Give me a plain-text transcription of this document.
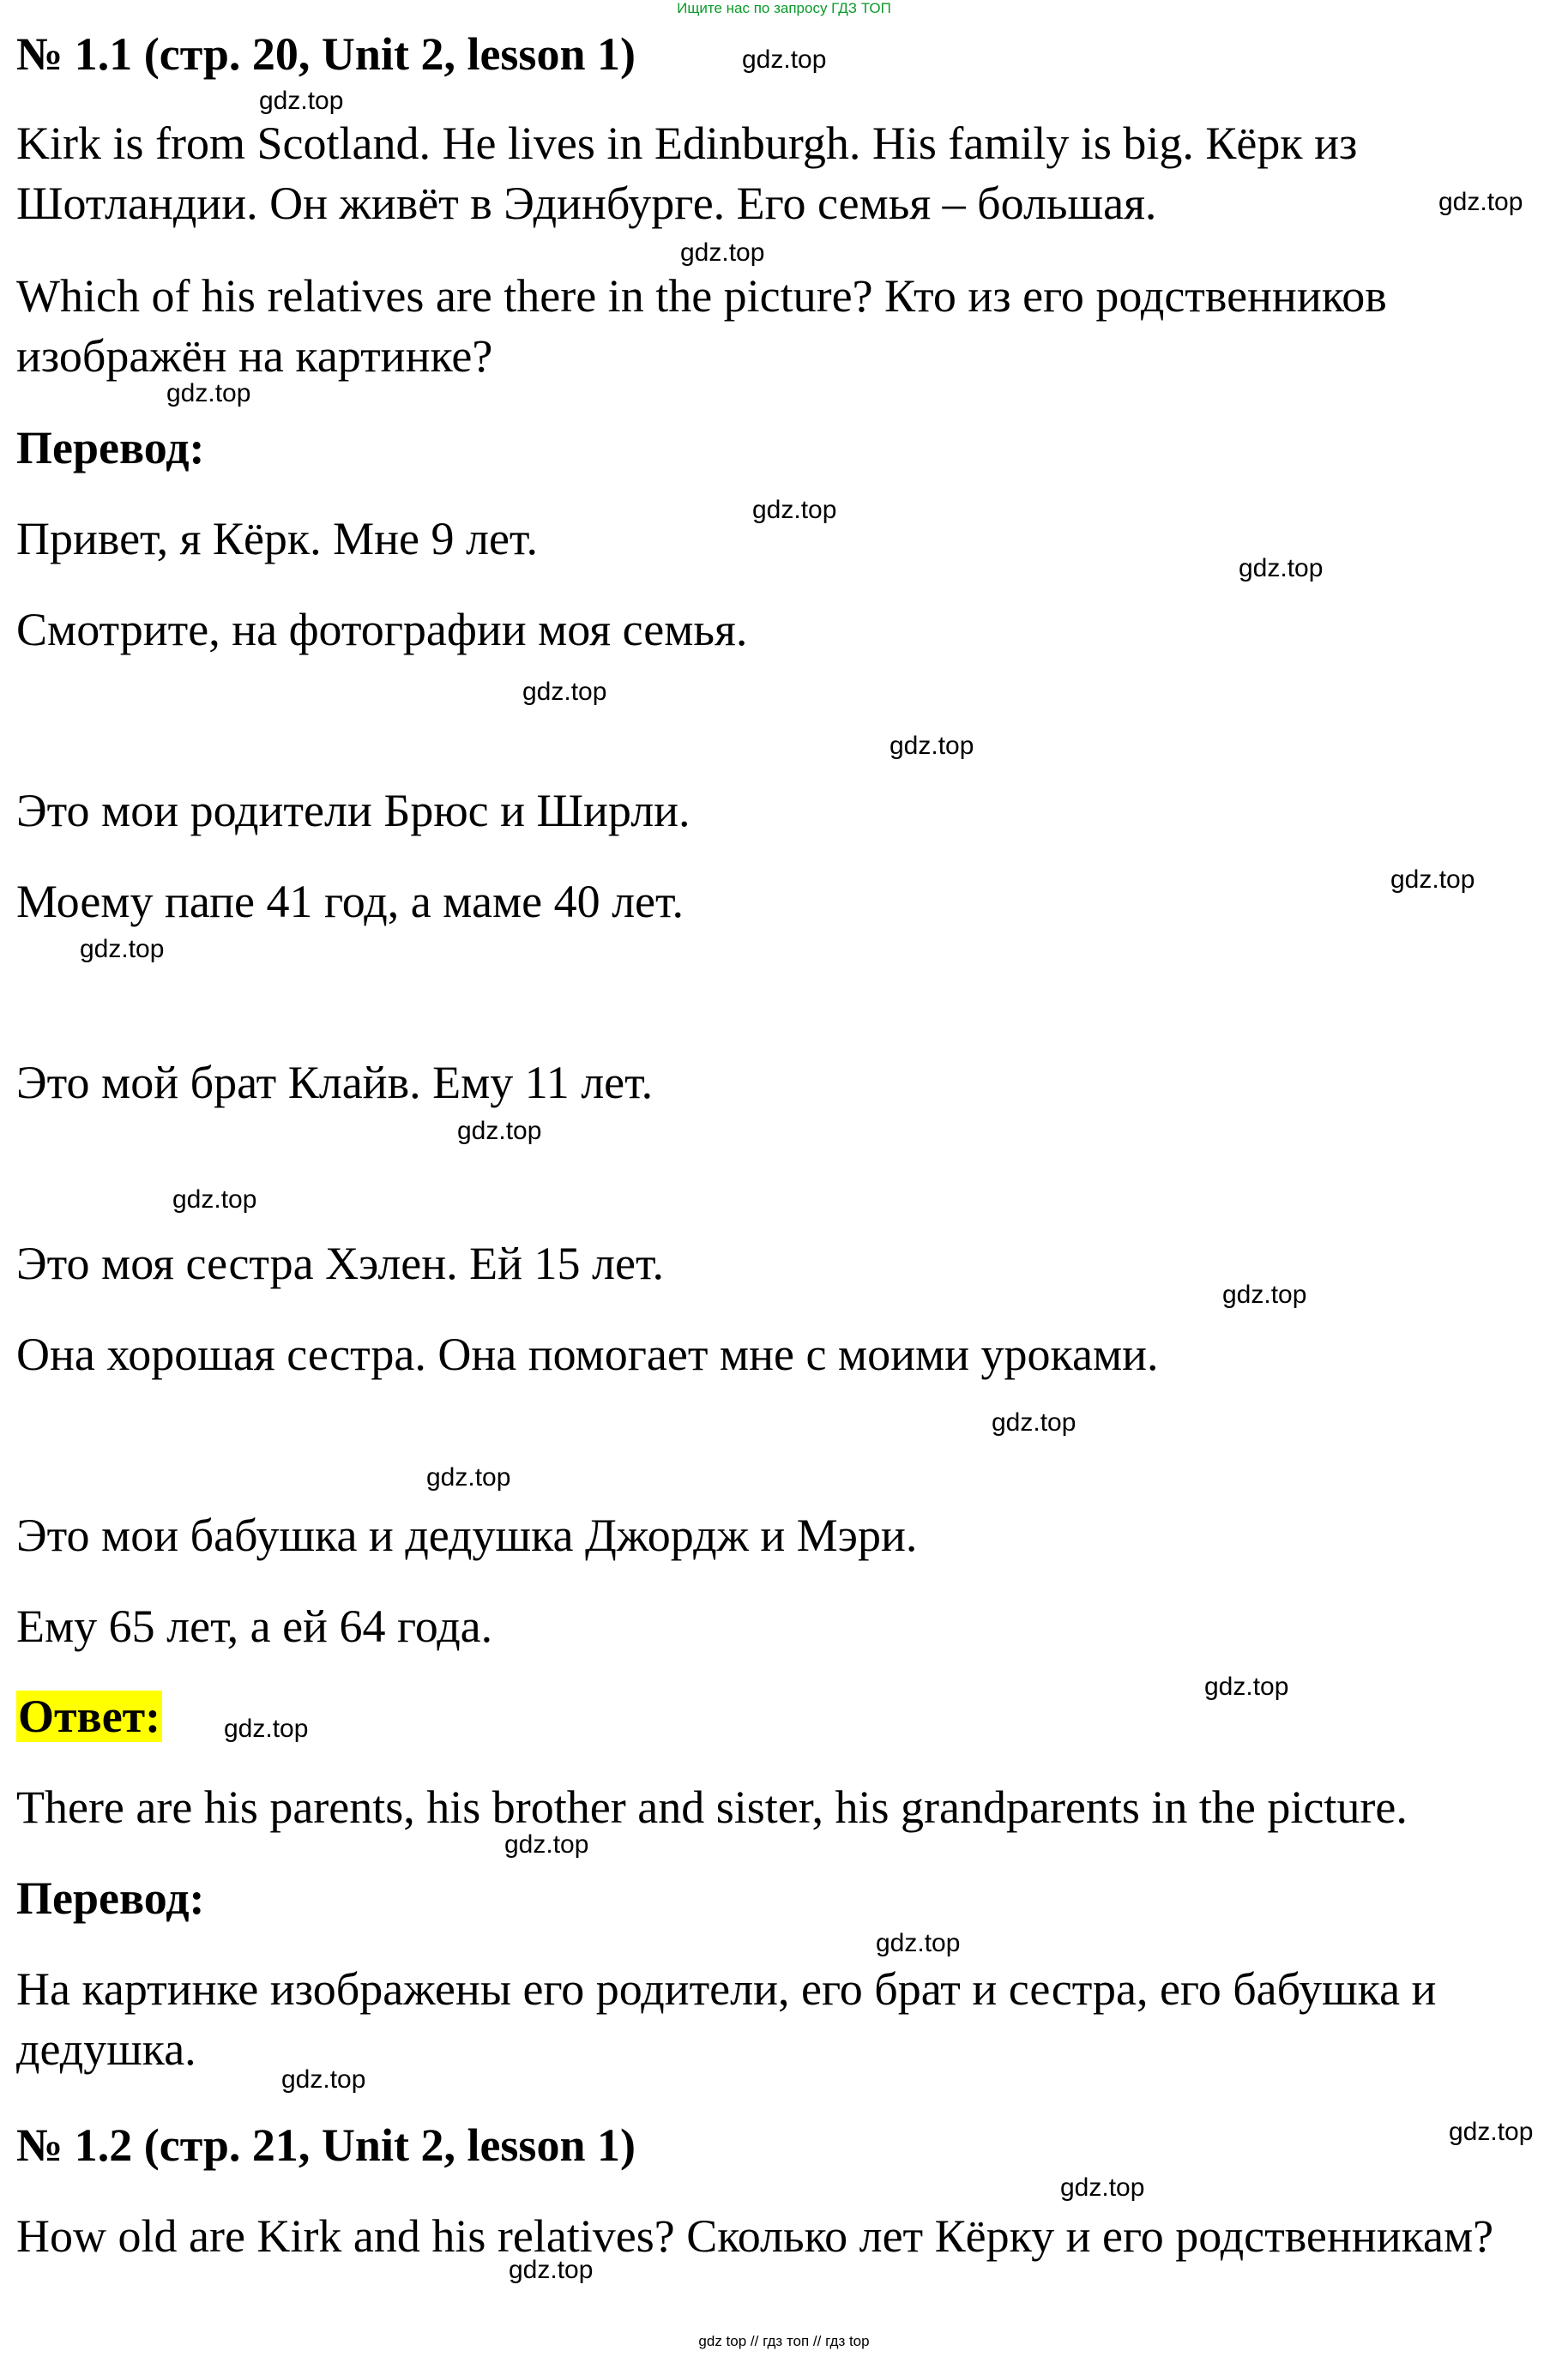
Ищите нас по запросу ГДЗ ТОП
№ 1.1 (стр. 20, Unit 2, lesson 1)

Kirk is from Scotland. He lives in Edinburgh. His family is big. Кёрк из Шотландии. Он живёт в Эдинбурге. Его семья – большая.

Which of his relatives are there in the picture? Кто из его родственников изображён на картинке?

Перевод:

Привет, я Кёрк. Мне 9 лет.

Смотрите, на фотографии моя семья.

Это мои родители Брюс и Ширли.

Моему папе 41 год, а маме 40 лет.

Это мой брат Клайв. Ему 11 лет.

Это моя сестра Хэлен. Ей 15 лет.

Она хорошая сестра. Она помогает мне с моими уроками.

Это мои бабушка и дедушка Джордж и Мэри.

Ему 65 лет, а ей 64 года.

Ответ:

There are his parents, his brother and sister, his grandparents in the picture.

Перевод:

На картинке изображены его родители, его брат и сестра, его бабушка и дедушка.

№ 1.2 (стр. 21, Unit 2, lesson 1)

How old are Kirk and his relatives? Сколько лет Кёрку и его родственникам?

gdz.top
gdz.top
gdz.top
gdz.top
gdz.top
gdz.top
gdz.top
gdz.top
gdz.top
gdz.top
gdz.top
gdz.top
gdz.top
gdz.top
gdz.top
gdz.top
gdz.top
gdz.top
gdz.top
gdz.top
gdz.top
gdz.top
gdz.top
gdz.top
gdz top // гдз топ // гдз top
